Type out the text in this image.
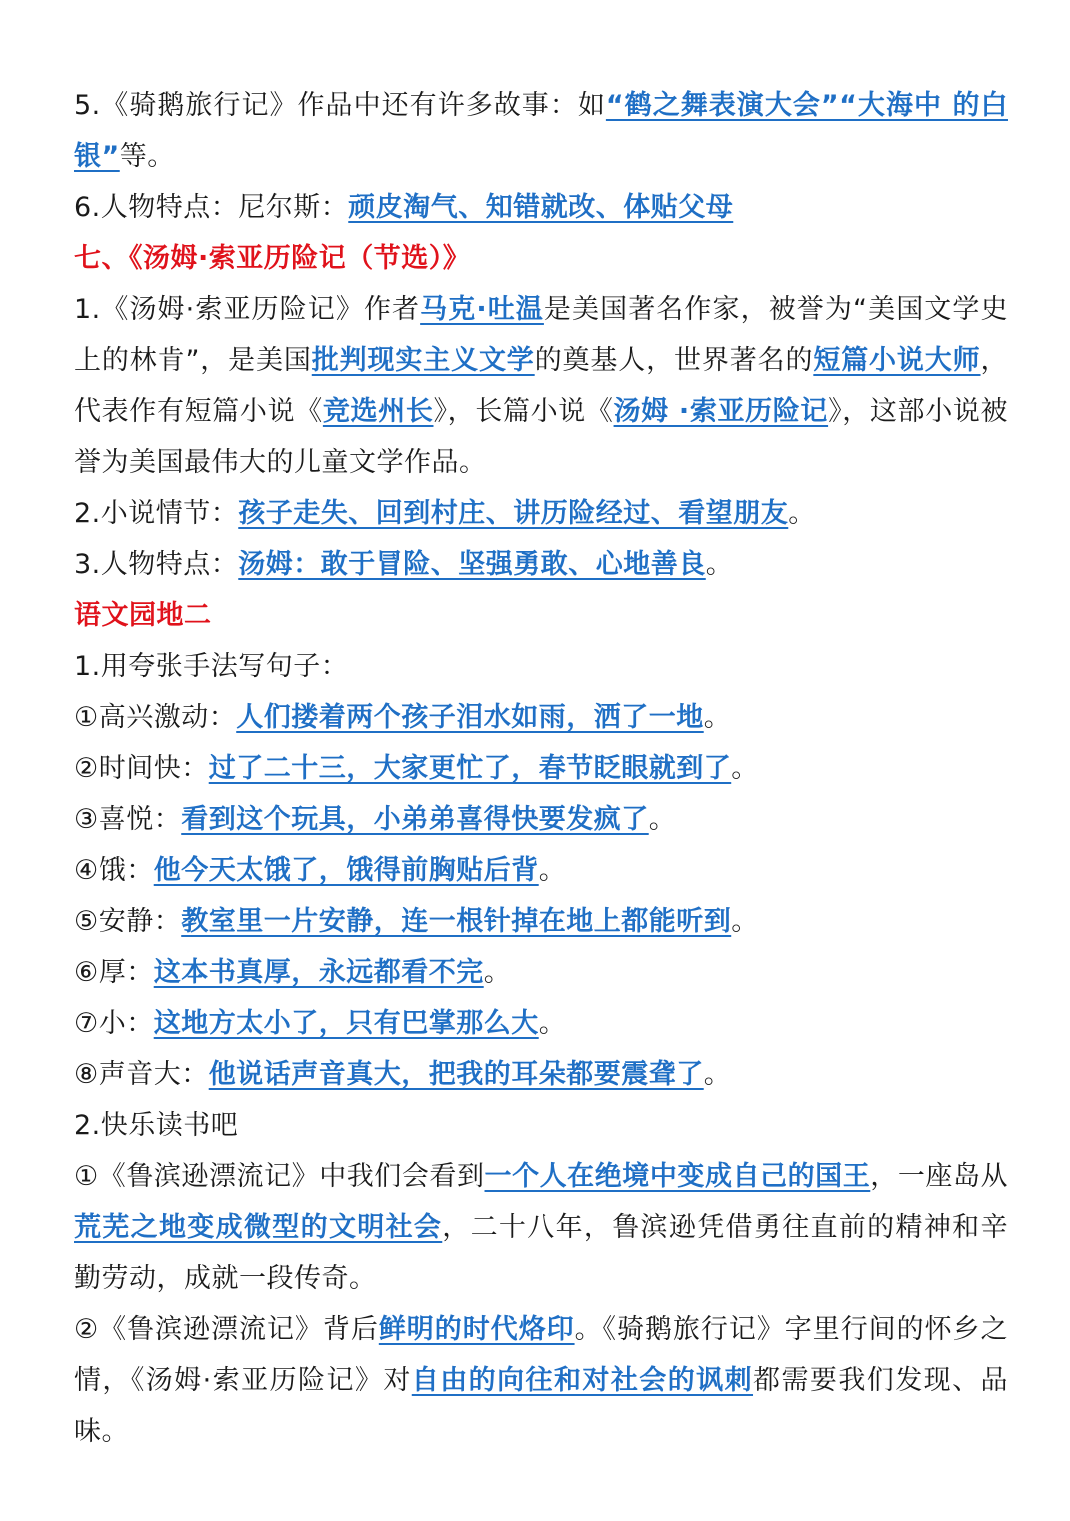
5.《骑鹅旅行记》作品中还有许多故事：如“鹤之舞表演大会”“大海中 的白银”等。

6.人物特点：尼尔斯：顽皮淘气、知错就改、体贴父母

七、《汤姆·索亚历险记（节选）》

1.《汤姆·索亚历险记》作者马克·吐温是美国著名作家，被誉为“美国文学史上的林肯”，是美国批判现实主义文学的奠基人，世界著名的短篇小说大师，代表作有短篇小说《竞选州长》，长篇小说《汤姆 ·索亚历险记》，这部小说被誉为美国最伟大的儿童文学作品。

2.小说情节：孩子走失、回到村庄、讲历险经过、看望朋友。

3.人物特点：汤姆：敢于冒险、坚强勇敢、心地善良。

语文园地二

1.用夸张手法写句子：

①高兴激动：人们搂着两个孩子泪水如雨，洒了一地。

②时间快：过了二十三，大家更忙了，春节眨眼就到了。

③喜悦：看到这个玩具，小弟弟喜得快要发疯了。

④饿：他今天太饿了，饿得前胸贴后背。

⑤安静：教室里一片安静，连一根针掉在地上都能听到。

⑥厚：这本书真厚，永远都看不完。

⑦小：这地方太小了，只有巴掌那么大。

⑧声音大：他说话声音真大，把我的耳朵都要震聋了。

2.快乐读书吧

①《鲁滨逊漂流记》中我们会看到一个人在绝境中变成自己的国王，一座岛从荒芜之地变成微型的文明社会，二十八年，鲁滨逊凭借勇往直前的精神和辛勤劳动，成就一段传奇。

②《鲁滨逊漂流记》背后鲜明的时代烙印。《骑鹅旅行记》字里行间的怀乡之情，《汤姆·索亚历险记》对自由的向往和对社会的讽刺都需要我们发现、品味。
